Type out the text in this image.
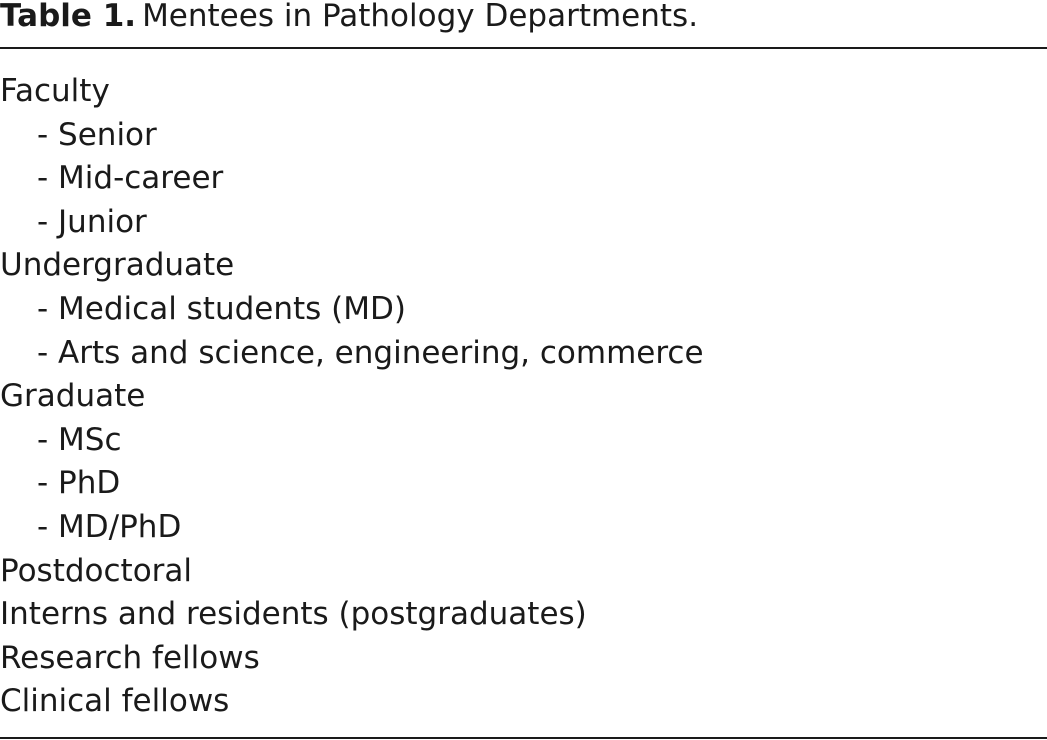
Table 1. Mentees in Pathology Departments.
Faculty
- Senior
- Mid-career
- Junior
Undergraduate
- Medical students (MD)
- Arts and science, engineering, commerce
Graduate
- MSc
- PhD
- MD/PhD
Postdoctoral
Interns and residents (postgraduates)
Research fellows
Clinical fellows
